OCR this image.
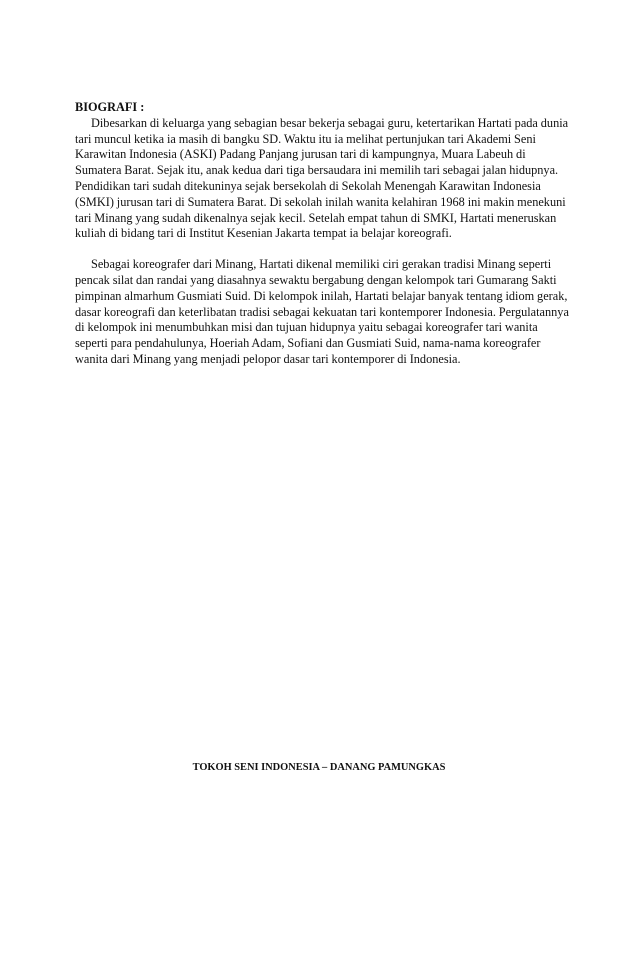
BIOGRAFI :

Dibesarkan di keluarga yang sebagian besar bekerja sebagai guru, ketertarikan Hartati pada dunia tari muncul ketika ia masih di bangku SD. Waktu itu ia melihat pertunjukan tari Akademi Seni Karawitan Indonesia (ASKI) Padang Panjang jurusan tari di kampungnya, Muara Labeuh di Sumatera Barat. Sejak itu, anak kedua dari tiga bersaudara ini memilih tari sebagai jalan hidupnya. Pendidikan tari sudah ditekuninya sejak bersekolah di Sekolah Menengah Karawitan Indonesia (SMKI) jurusan tari di Sumatera Barat. Di sekolah inilah wanita kelahiran 1968 ini makin menekuni tari Minang yang sudah dikenalnya sejak kecil. Setelah empat tahun di SMKI, Hartati meneruskan kuliah di bidang tari di Institut Kesenian Jakarta tempat ia belajar koreografi.

Sebagai koreografer dari Minang, Hartati dikenal memiliki ciri gerakan tradisi Minang seperti pencak silat dan randai yang diasahnya sewaktu bergabung dengan kelompok tari Gumarang Sakti pimpinan almarhum Gusmiati Suid. Di kelompok inilah, Hartati belajar banyak tentang idiom gerak, dasar koreografi dan keterlibatan tradisi sebagai kekuatan tari kontemporer Indonesia. Pergulatannya di kelompok ini menumbuhkan misi dan tujuan hidupnya yaitu sebagai koreografer tari wanita seperti para pendahulunya, Hoeriah Adam, Sofiani dan Gusmiati Suid, nama-nama koreografer wanita dari Minang yang menjadi pelopor dasar tari kontemporer di Indonesia.

TOKOH SENI INDONESIA – DANANG PAMUNGKAS
